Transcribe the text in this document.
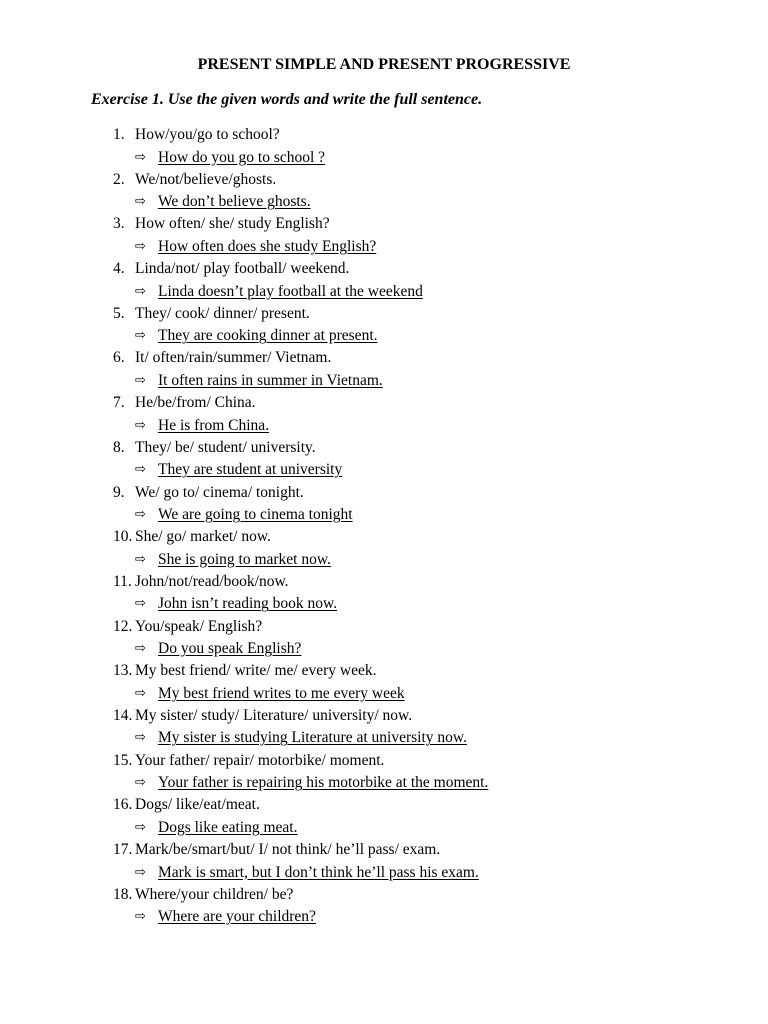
PRESENT SIMPLE AND PRESENT PROGRESSIVE

Exercise 1. Use the given words and write the full sentence.

1. How/you/go to school?
⇨ How do you go to school ?
2. We/not/believe/ghosts.
⇨ We don’t believe ghosts.
3. How often/ she/ study English?
⇨ How often does she study English?
4. Linda/not/ play football/ weekend.
⇨ Linda doesn’t play football at the weekend
5. They/ cook/ dinner/ present.
⇨ They are cooking dinner at present.
6. It/ often/rain/summer/ Vietnam.
⇨ It often rains in summer in Vietnam.
7. He/be/from/ China.
⇨ He is from China.
8. They/ be/ student/ university.
⇨ They are student at university
9. We/ go to/ cinema/ tonight.
⇨ We are going to cinema tonight
10. She/ go/ market/ now.
⇨ She is going to market now.
11. John/not/read/book/now.
⇨ John isn’t reading book now.
12. You/speak/ English?
⇨ Do you speak English?
13. My best friend/ write/ me/ every week.
⇨ My best friend writes to me every week
14. My sister/ study/ Literature/ university/ now.
⇨ My sister is studying Literature at university now.
15. Your father/ repair/ motorbike/ moment.
⇨ Your father is repairing his motorbike at the moment.
16. Dogs/ like/eat/meat.
⇨ Dogs like eating meat.
17. Mark/be/smart/but/ I/ not think/ he’ll pass/ exam.
⇨ Mark is smart, but I don’t think he’ll pass his exam.
18. Where/your children/ be?
⇨ Where are your children?
